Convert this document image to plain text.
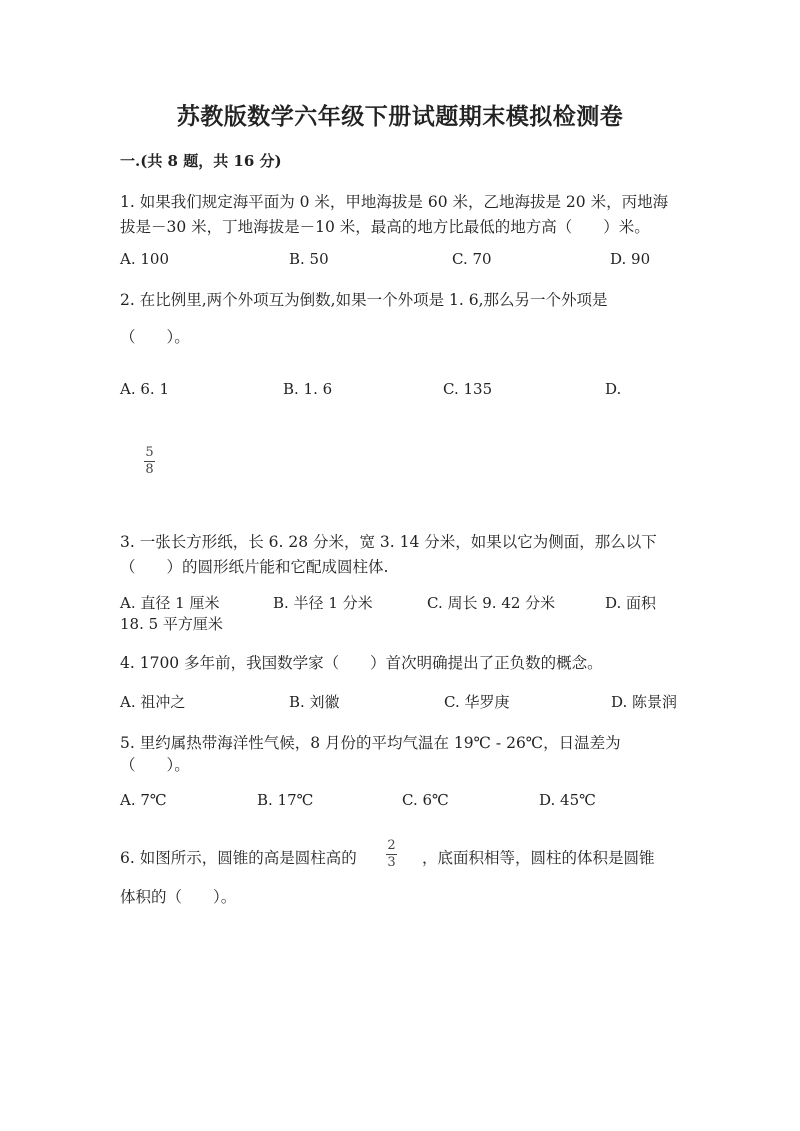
苏教版数学六年级下册试题期末模拟检测卷
一.(共 8 题，共 16 分)
1. 如果我们规定海平面为 0 米，甲地海拔是 60 米，乙地海拔是 20 米，丙地海
拔是－30 米，丁地海拔是－10 米，最高的地方比最低的地方高（　　）米。
A. 100	B. 50	C. 70	D. 90
2. 在比例里,两个外项互为倒数,如果一个外项是 1. 6,那么另一个外项是
（　　）。
A. 6. 1	B. 1. 6	C. 135	D.
5
8
3. 一张长方形纸，长 6. 28 分米，宽 3. 14 分米，如果以它为侧面，那么以下
（　　）的圆形纸片能和它配成圆柱体.
A. 直径 1 厘米	B. 半径 1 分米	C. 周长 9. 42 分米	D. 面积
18. 5 平方厘米
4. 1700 多年前，我国数学家（　　）首次明确提出了正负数的概念。
A. 祖冲之	B. 刘徽	C. 华罗庚	D. 陈景润
5. 里约属热带海洋性气候，8 月份的平均气温在 19℃ - 26℃，日温差为
（　　）。
A. 7℃	B. 17℃	C. 6℃	D. 45℃
6. 如图所示，圆锥的高是圆柱高的
2
3 ，底面积相等，圆柱的体积是圆锥
体积的（　　）。
